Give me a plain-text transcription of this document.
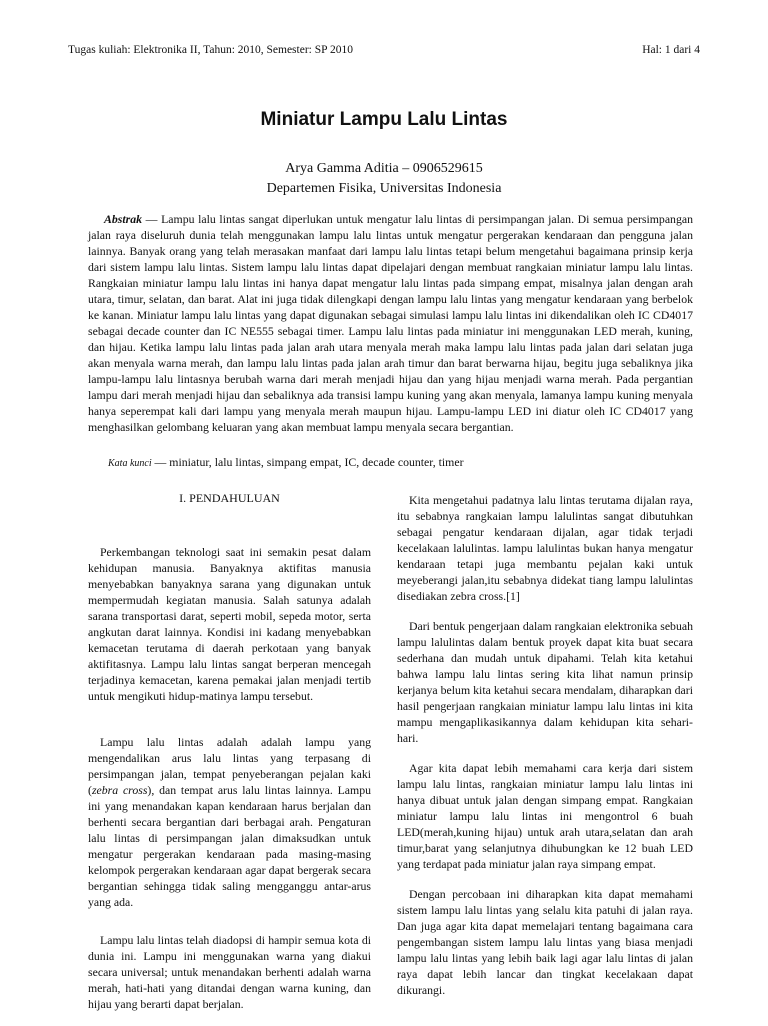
Tugas kuliah: Elektronika II, Tahun: 2010, Semester: SP 2010	Hal: 1 dari 4
Miniatur Lampu Lalu Lintas
Arya Gamma Aditia – 0906529615
Departemen Fisika, Universitas Indonesia

Abstrak — Lampu lalu lintas sangat diperlukan untuk mengatur lalu lintas di persimpangan jalan. Di semua persimpangan jalan raya diseluruh dunia telah menggunakan lampu lalu lintas untuk mengatur pergerakan kendaraan dan pengguna jalan lainnya. Banyak orang yang telah merasakan manfaat dari lampu lalu lintas tetapi belum mengetahui bagaimana prinsip kerja dari sistem lampu lalu lintas. Sistem lampu lalu lintas dapat dipelajari dengan membuat rangkaian miniatur lampu lalu lintas. Rangkaian miniatur lampu lalu lintas ini hanya dapat mengatur lalu lintas pada simpang empat, misalnya jalan dengan arah utara, timur, selatan, dan barat. Alat ini juga tidak dilengkapi dengan lampu lalu lintas yang mengatur kendaraan yang berbelok ke kanan. Miniatur lampu lalu lintas yang dapat digunakan sebagai simulasi lampu lalu lintas ini dikendalikan oleh IC CD4017 sebagai decade counter dan IC NE555 sebagai timer. Lampu lalu lintas pada miniatur ini menggunakan LED merah, kuning, dan hijau. Ketika lampu lalu lintas pada jalan arah utara menyala merah maka lampu lalu lintas pada jalan dari selatan juga akan menyala warna merah, dan lampu lalu lintas pada jalan arah timur dan barat berwarna hijau, begitu juga sebaliknya jika lampu-lampu lalu lintasnya berubah warna dari merah menjadi hijau dan yang hijau menjadi warna merah. Pada pergantian lampu dari merah menjadi hijau dan sebaliknya ada transisi lampu kuning yang akan menyala, lamanya lampu kuning menyala hanya seperempat kali dari lampu yang menyala merah maupun hijau. Lampu-lampu LED ini diatur oleh IC CD4017 yang menghasilkan gelombang keluaran yang akan membuat lampu menyala secara bergantian.

Kata kunci — miniatur, lalu lintas, simpang empat, IC, decade counter, timer

I. PENDAHULUAN

Perkembangan teknologi saat ini semakin pesat dalam kehidupan manusia. Banyaknya aktifitas manusia menyebabkan banyaknya sarana yang digunakan untuk mempermudah kegiatan manusia. Salah satunya adalah sarana transportasi darat, seperti mobil, sepeda motor, serta angkutan darat lainnya. Kondisi ini kadang menyebabkan kemacetan terutama di daerah perkotaan yang banyak aktifitasnya. Lampu lalu lintas sangat berperan mencegah terjadinya kemacetan, karena pemakai jalan menjadi tertib untuk mengikuti hidup-matinya lampu tersebut.

Lampu lalu lintas adalah adalah lampu yang mengendalikan arus lalu lintas yang terpasang di persimpangan jalan, tempat penyeberangan pejalan kaki (zebra cross), dan tempat arus lalu lintas lainnya. Lampu ini yang menandakan kapan kendaraan harus berjalan dan berhenti secara bergantian dari berbagai arah. Pengaturan lalu lintas di persimpangan jalan dimaksudkan untuk mengatur pergerakan kendaraan pada masing-masing kelompok pergerakan kendaraan agar dapat bergerak secara bergantian sehingga tidak saling mengganggu antar-arus yang ada.

Lampu lalu lintas telah diadopsi di hampir semua kota di dunia ini. Lampu ini menggunakan warna yang diakui secara universal; untuk menandakan berhenti adalah warna merah, hati-hati yang ditandai dengan warna kuning, dan hijau yang berarti dapat berjalan.

Kita mengetahui padatnya lalu lintas terutama dijalan raya, itu sebabnya rangkaian lampu lalulintas sangat dibutuhkan sebagai pengatur kendaraan dijalan, agar tidak terjadi kecelakaan lalulintas. lampu lalulintas bukan hanya mengatur kendaraan tetapi juga membantu pejalan kaki untuk meyeberangi jalan,itu sebabnya didekat tiang lampu lalulintas disediakan zebra cross.[1]

Dari bentuk pengerjaan dalam rangkaian elektronika sebuah lampu lalulintas dalam bentuk proyek dapat kita buat secara sederhana dan mudah untuk dipahami. Telah kita ketahui bahwa lampu lalu lintas sering kita lihat namun prinsip kerjanya belum kita ketahui secara mendalam, diharapkan dari hasil pengerjaan rangkaian miniatur lampu lalu lintas ini kita mampu mengaplikasikannya dalam kehidupan kita sehari-hari.

Agar kita dapat lebih memahami cara kerja dari sistem lampu lalu lintas, rangkaian miniatur lampu lalu lintas ini hanya dibuat untuk jalan dengan simpang empat. Rangkaian miniatur lampu lalu lintas ini mengontrol 6 buah LED(merah,kuning hijau) untuk arah utara,selatan dan arah timur,barat yang selanjutnya dihubungkan ke 12 buah LED yang terdapat pada miniatur jalan raya simpang empat.

Dengan percobaan ini diharapkan kita dapat memahami sistem lampu lalu lintas yang selalu kita patuhi di jalan raya. Dan juga agar kita dapat memelajari tentang bagaimana cara pengembangan sistem lampu lalu lintas yang biasa menjadi lampu lalu lintas yang lebih baik lagi agar lalu lintas di jalan raya dapat lebih lancar dan tingkat kecelakaan dapat dikurangi.
